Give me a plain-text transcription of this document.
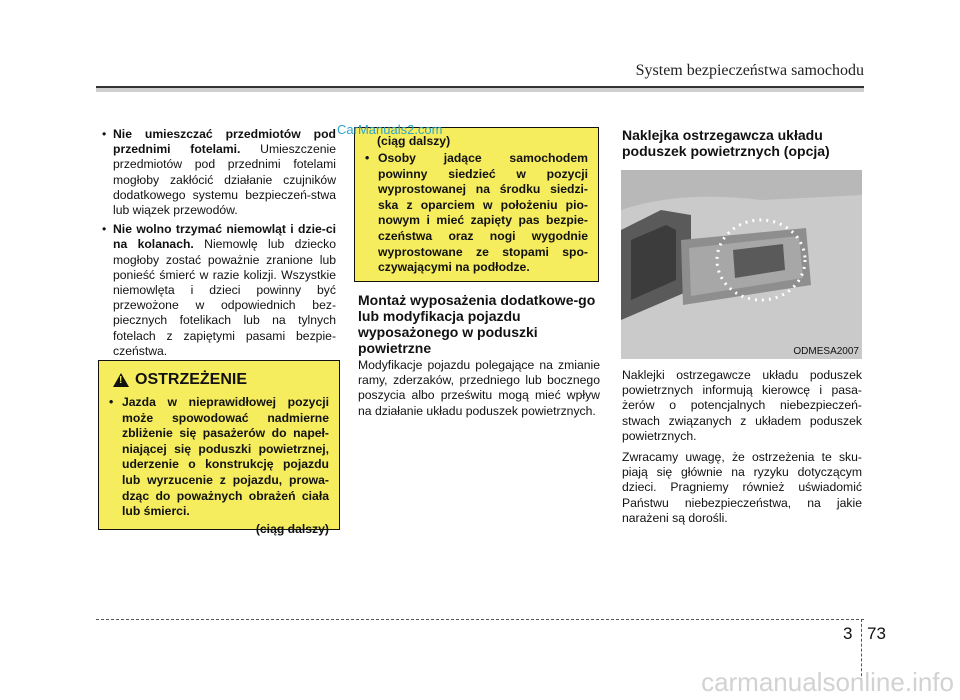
System bezpieczeństwa samochodu
• Nie umieszczać przedmiotów pod przednimi fotelami. Umieszczenie przedmiotów pod przednimi fotelami mogłoby zakłócić działanie czujników dodatkowego systemu bezpieczeń-stwa lub wiązek przewodów.
• Nie wolno trzymać niemowląt i dzie-ci na kolanach. Niemowlę lub dziecko mogłoby zostać poważnie zranione lub ponieść śmierć w razie kolizji. Wszystkie niemowlęta i dzieci powinny być przewożone w odpowiednich bez-piecznych fotelikach lub na tylnych fotelach z zapiętymi pasami bezpie-czeństwa.
! OSTRZEŻENIE
• Jazda w nieprawidłowej pozycji może spowodować nadmierne zbliżenie się pasażerów do napeł-niającej się poduszki powietrznej, uderzenie o konstrukcję pojazdu lub wyrzucenie z pojazdu, prowa-dząc do poważnych obrażeń ciała lub śmierci.
(ciąg dalszy)
(ciąg dalszy)
• Osoby jadące samochodem powinny siedzieć w pozycji wyprostowanej na środku siedzi-ska z oparciem w położeniu pio-nowym i mieć zapięty pas bezpie-czeństwa oraz nogi wygodnie wyprostowane ze stopami spo-czywającymi na podłodze.
CarManuals2.com
Montaż wyposażenia dodatkowe-go lub modyfikacja pojazdu wyposażonego w poduszki powietrzne
Modyfikacje pojazdu polegające na zmianie ramy, zderzaków, przedniego lub bocznego poszycia albo prześwitu mogą mieć wpływ na działanie układu poduszek powietrznych.
Naklejka ostrzegawcza układu poduszek powietrznych (opcja)
ODMESA2007

Naklejki ostrzegawcze układu poduszek powietrznych informują kierowcę i pasa-żerów o potencjalnych niebezpieczeń-stwach związanych z układem poduszek powietrznych.

Zwracamy uwagę, że ostrzeżenia te sku-piają się głównie na ryzyku dotyczącym dzieci. Pragniemy również uświadomić Państwu niebezpieczeństwa, na jakie narażeni są dorośli.

3 73
carmanualsonline.info
